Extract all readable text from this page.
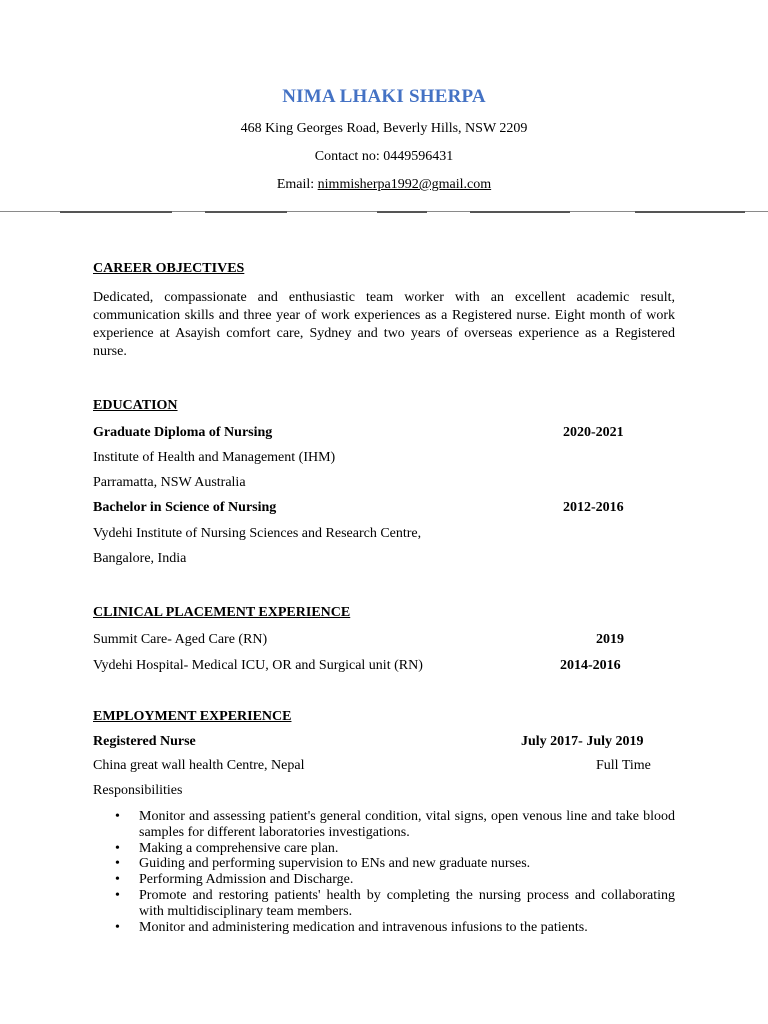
NIMA LHAKI SHERPA
468 King Georges Road, Beverly Hills, NSW 2209
Contact no: 0449596431
Email: nimmisherpa1992@gmail.com
CAREER OBJECTIVES
Dedicated, compassionate and enthusiastic team worker with an excellent academic result, communication skills and three year of work experiences as a Registered nurse. Eight month of work experience at Asayish comfort care, Sydney and two years of overseas experience as a Registered nurse.
EDUCATION
Graduate Diploma of Nursing	2020-2021
Institute of Health and Management (IHM)
Parramatta, NSW Australia
Bachelor in Science of Nursing	2012-2016
Vydehi Institute of Nursing Sciences and Research Centre,
Bangalore, India
CLINICAL PLACEMENT EXPERIENCE
Summit Care- Aged Care (RN)	2019
Vydehi Hospital- Medical ICU, OR and Surgical unit (RN)	2014-2016
EMPLOYMENT EXPERIENCE
Registered Nurse	July 2017- July 2019
China great wall health Centre, Nepal	Full Time
Responsibilities
• Monitor and assessing patient's general condition, vital signs, open venous line and take blood samples for different laboratories investigations.
• Making a comprehensive care plan.
• Guiding and performing supervision to ENs and new graduate nurses.
• Performing Admission and Discharge.
• Promote and restoring patients' health by completing the nursing process and collaborating with multidisciplinary team members.
• Monitor and administering medication and intravenous infusions to the patients.
